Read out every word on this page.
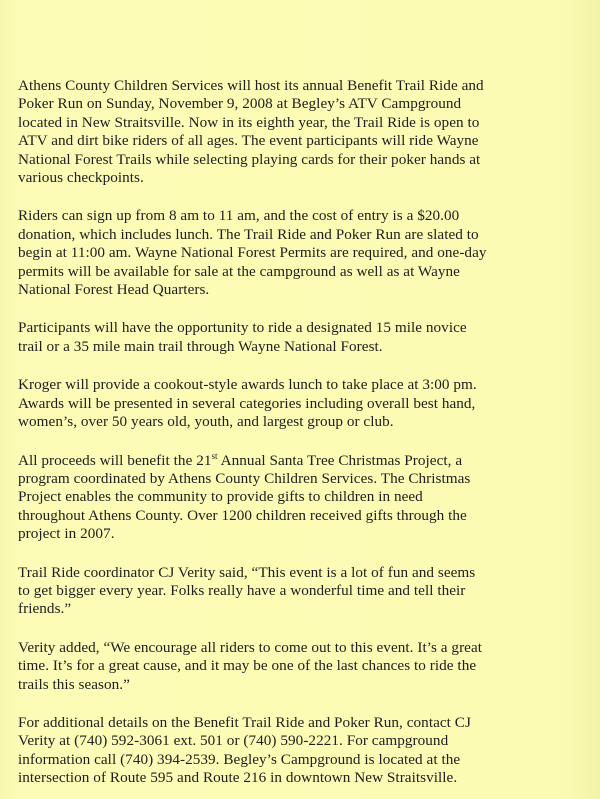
Athens County Children Services will host its annual Benefit Trail Ride and
Poker Run on Sunday, November 9, 2008 at Begley’s ATV Campground
located in New Straitsville. Now in its eighth year, the Trail Ride is open to
ATV and dirt bike riders of all ages. The event participants will ride Wayne
National Forest Trails while selecting playing cards for their poker hands at
various checkpoints.

Riders can sign up from 8 am to 11 am, and the cost of entry is a $20.00
donation, which includes lunch. The Trail Ride and Poker Run are slated to
begin at 11:00 am. Wayne National Forest Permits are required, and one-day
permits will be available for sale at the campground as well as at Wayne
National Forest Head Quarters.

Participants will have the opportunity to ride a designated 15 mile novice
trail or a 35 mile main trail through Wayne National Forest.

Kroger will provide a cookout-style awards lunch to take place at 3:00 pm.
Awards will be presented in several categories including overall best hand,
women’s, over 50 years old, youth, and largest group or club.

All proceeds will benefit the 21st Annual Santa Tree Christmas Project, a
program coordinated by Athens County Children Services. The Christmas
Project enables the community to provide gifts to children in need
throughout Athens County. Over 1200 children received gifts through the
project in 2007.

Trail Ride coordinator CJ Verity said, “This event is a lot of fun and seems
to get bigger every year. Folks really have a wonderful time and tell their
friends.”

Verity added, “We encourage all riders to come out to this event. It’s a great
time. It’s for a great cause, and it may be one of the last chances to ride the
trails this season.”

For additional details on the Benefit Trail Ride and Poker Run, contact CJ
Verity at (740) 592-3061 ext. 501 or (740) 590-2221. For campground
information call (740) 394-2539. Begley’s Campground is located at the
intersection of Route 595 and Route 216 in downtown New Straitsville.
